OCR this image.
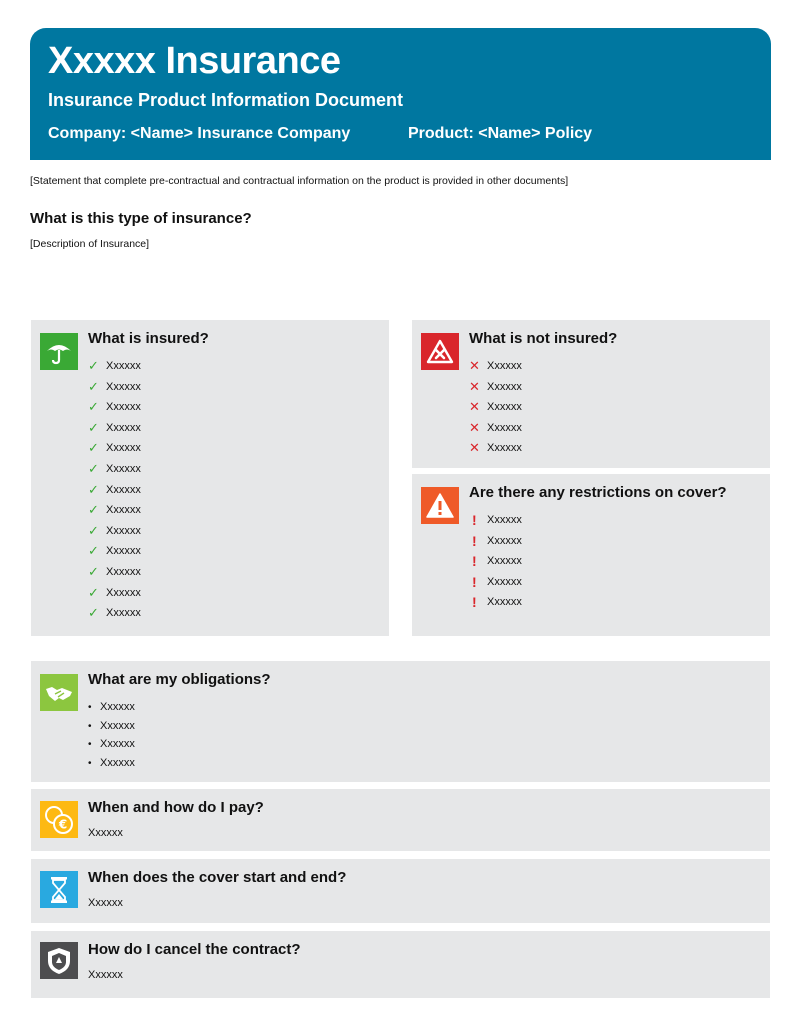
Xxxxx Insurance
Insurance Product Information Document
Company: <Name> Insurance Company	Product: <Name> Policy
[Statement that complete pre-contractual and contractual information on the product is provided in other documents]
What is this type of insurance?
[Description of Insurance]
What is insured?
✓ Xxxxxx
✓ Xxxxxx
✓ Xxxxxx
✓ Xxxxxx
✓ Xxxxxx
✓ Xxxxxx
✓ Xxxxxx
✓ Xxxxxx
✓ Xxxxxx
✓ Xxxxxx
✓ Xxxxxx
✓ Xxxxxx
✓ Xxxxxx
What is not insured?
✕ Xxxxxx
✕ Xxxxxx
✕ Xxxxxx
✕ Xxxxxx
✕ Xxxxxx
Are there any restrictions on cover?
! Xxxxxx
! Xxxxxx
! Xxxxxx
! Xxxxxx
! Xxxxxx
What are my obligations?
• Xxxxxx
• Xxxxxx
• Xxxxxx
• Xxxxxx
€
When and how do I pay?
Xxxxxx
When does the cover start and end?
Xxxxxx
How do I cancel the contract?
Xxxxxx
